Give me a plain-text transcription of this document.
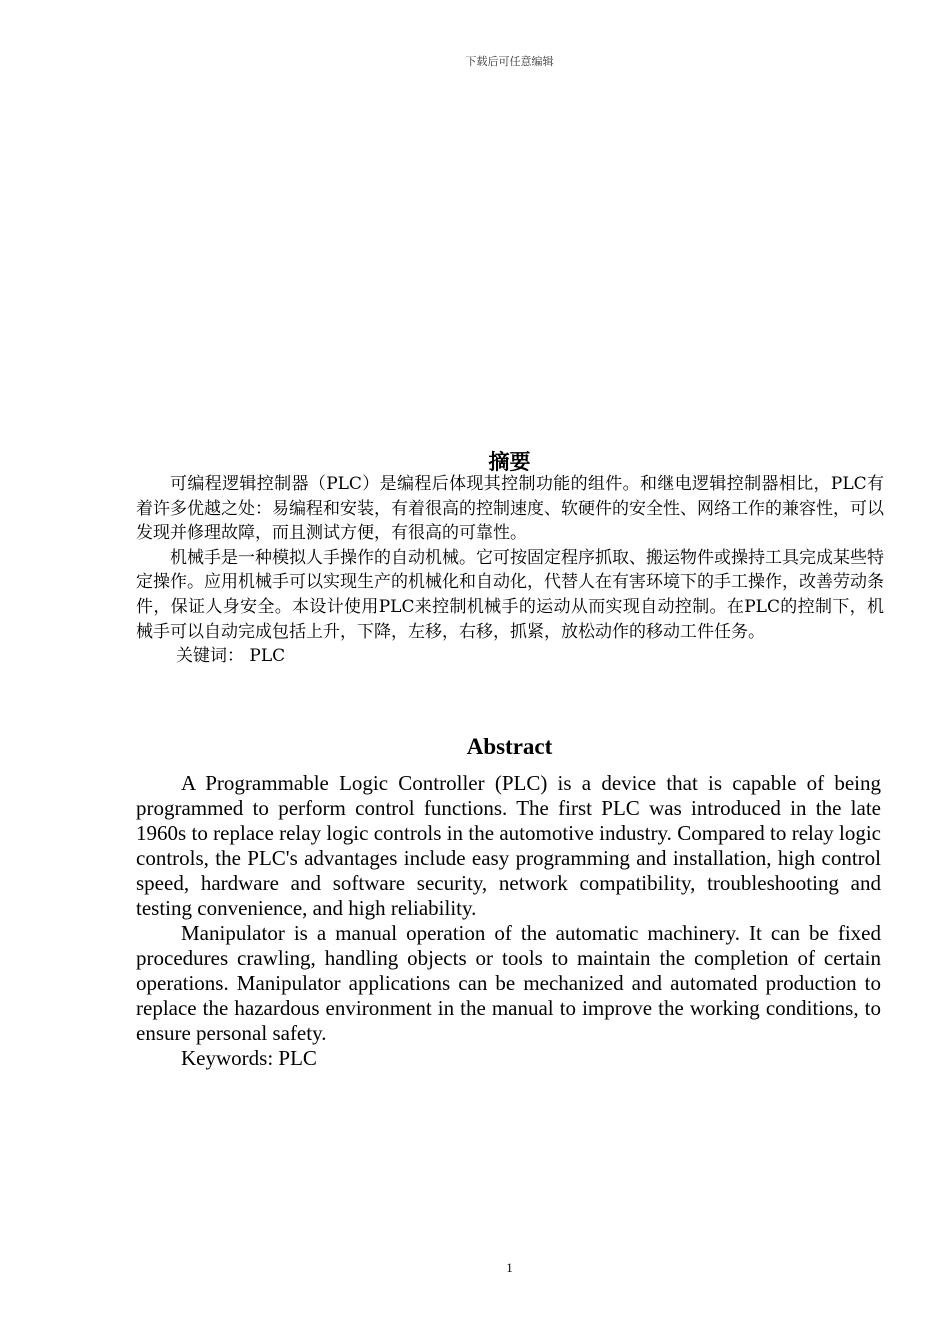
下载后可任意编辑
摘要

可编程逻辑控制器（PLC）是编程后体现其控制功能的组件。和继电逻辑控制器相比，PLC有着许多优越之处：易编程和安装，有着很高的控制速度、软硬件的安全性、网络工作的兼容性，可以发现并修理故障，而且测试方便，有很高的可靠性。

机械手是一种模拟人手操作的自动机械。它可按固定程序抓取、搬运物件或操持工具完成某些特定操作。应用机械手可以实现生产的机械化和自动化，代替人在有害环境下的手工操作，改善劳动条件，保证人身安全。本设计使用PLC来控制机械手的运动从而实现自动控制。在PLC的控制下，机械手可以自动完成包括上升，下降，左移，右移，抓紧，放松动作的移动工件任务。

关键词： PLC
Abstract

A Programmable Logic Controller (PLC) is a device that is capable of being programmed to perform control functions. The first PLC was introduced in the late 1960s to replace relay logic controls in the automotive industry. Compared to relay logic controls, the PLC's advantages include easy programming and installation, high control speed, hardware and software security, network compatibility, troubleshooting and testing convenience, and high reliability.

Manipulator is a manual operation of the automatic machinery. It can be fixed procedures crawling, handling objects or tools to maintain the completion of certain operations. Manipulator applications can be mechanized and automated production to replace the hazardous environment in the manual to improve the working conditions, to ensure personal safety.

Keywords: PLC

1
